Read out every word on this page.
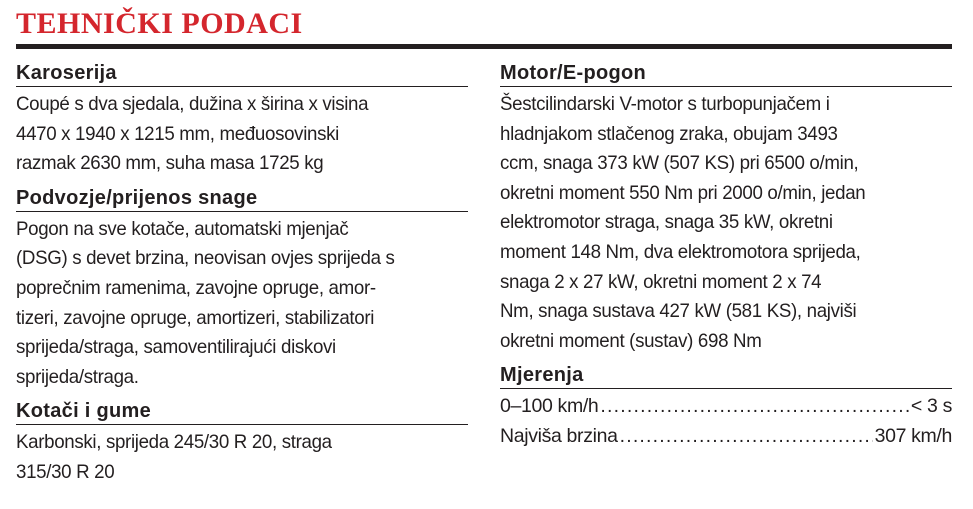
TEHNIČKI PODACI
Karoserija
Coupé s dva sjedala, dužina x širina x visina
4470 x 1940 x 1215 mm, međuosovinski
razmak 2630 mm, suha masa 1725 kg
Podvozje/prijenos snage
Pogon na sve kotače, automatski mjenjač
(DSG) s devet brzina, neovisan ovjes sprijeda s
poprečnim ramenima, zavojne opruge, amor-
tizeri, zavojne opruge, amortizeri, stabilizatori
sprijeda/straga, samoventilirajući diskovi
sprijeda/straga.
Kotači i gume
Karbonski, sprijeda 245/30 R 20, straga
315/30 R 20
Motor/E-pogon
Šestcilindarski V-motor s turbopunjačem i
hladnjakom stlačenog zraka, obujam 3493
ccm, snaga 373 kW (507 KS) pri 6500 o/min,
okretni moment 550 Nm pri 2000 o/min, jedan
elektromotor straga, snaga 35 kW, okretni
moment 148 Nm, dva elektromotora sprijeda,
snaga 2 x 27 kW, okretni moment 2 x 74
Nm, snaga sustava 427 kW (581 KS), najviši
okretni moment (sustav) 698 Nm
Mjerenja
0–100 km/h .....	< 3 s
Najviša brzina .....	307 km/h
